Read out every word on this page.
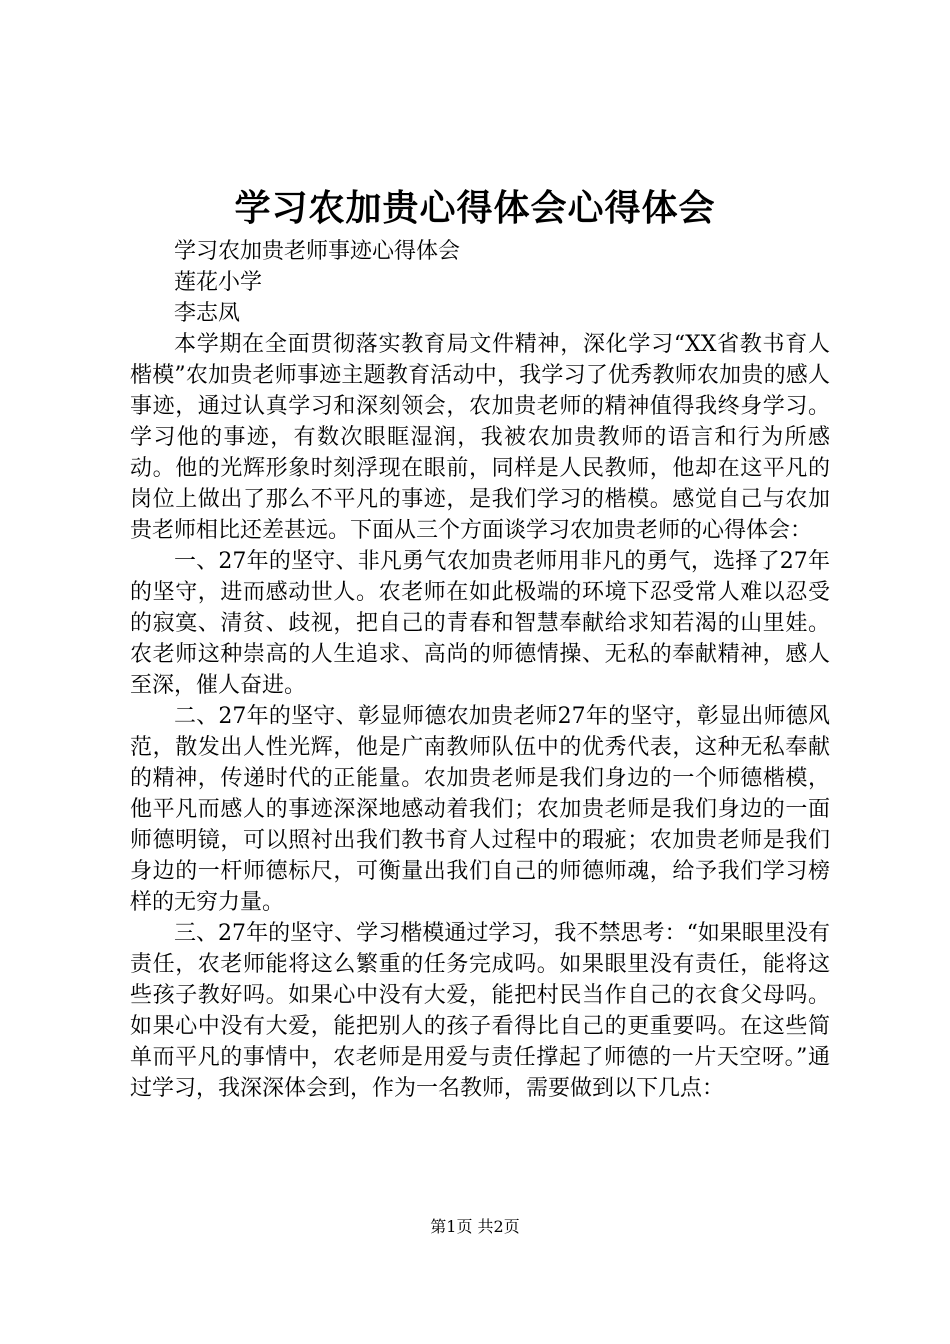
学习农加贵心得体会心得体会

学习农加贵老师事迹心得体会

莲花小学

李志凤

本学期在全面贯彻落实教育局文件精神，深化学习“XX省教书育人楷模”农加贵老师事迹主题教育活动中，我学习了优秀教师农加贵的感人事迹，通过认真学习和深刻领会，农加贵老师的精神值得我终身学习。学习他的事迹，有数次眼眶湿润，我被农加贵教师的语言和行为所感动。他的光辉形象时刻浮现在眼前，同样是人民教师，他却在这平凡的岗位上做出了那么不平凡的事迹，是我们学习的楷模。感觉自己与农加贵老师相比还差甚远。下面从三个方面谈学习农加贵老师的心得体会：

一、27年的坚守、非凡勇气农加贵老师用非凡的勇气，选择了27年的坚守，进而感动世人。农老师在如此极端的环境下忍受常人难以忍受的寂寞、清贫、歧视，把自己的青春和智慧奉献给求知若渴的山里娃。农老师这种崇高的人生追求、高尚的师德情操、无私的奉献精神，感人至深，催人奋进。

二、27年的坚守、彰显师德农加贵老师27年的坚守，彰显出师德风范，散发出人性光辉，他是广南教师队伍中的优秀代表，这种无私奉献的精神，传递时代的正能量。农加贵老师是我们身边的一个师德楷模，他平凡而感人的事迹深深地感动着我们；农加贵老师是我们身边的一面师德明镜，可以照衬出我们教书育人过程中的瑕疵；农加贵老师是我们身边的一杆师德标尺，可衡量出我们自己的师德师魂，给予我们学习榜样的无穷力量。

三、27年的坚守、学习楷模通过学习，我不禁思考：“如果眼里没有责任，农老师能将这么繁重的任务完成吗。如果眼里没有责任，能将这些孩子教好吗。如果心中没有大爱，能把村民当作自己的衣食父母吗。如果心中没有大爱，能把别人的孩子看得比自己的更重要吗。在这些简单而平凡的事情中，农老师是用爱与责任撑起了师德的一片天空呀。”通过学习，我深深体会到，作为一名教师，需要做到以下几点：

第1页 共2页
